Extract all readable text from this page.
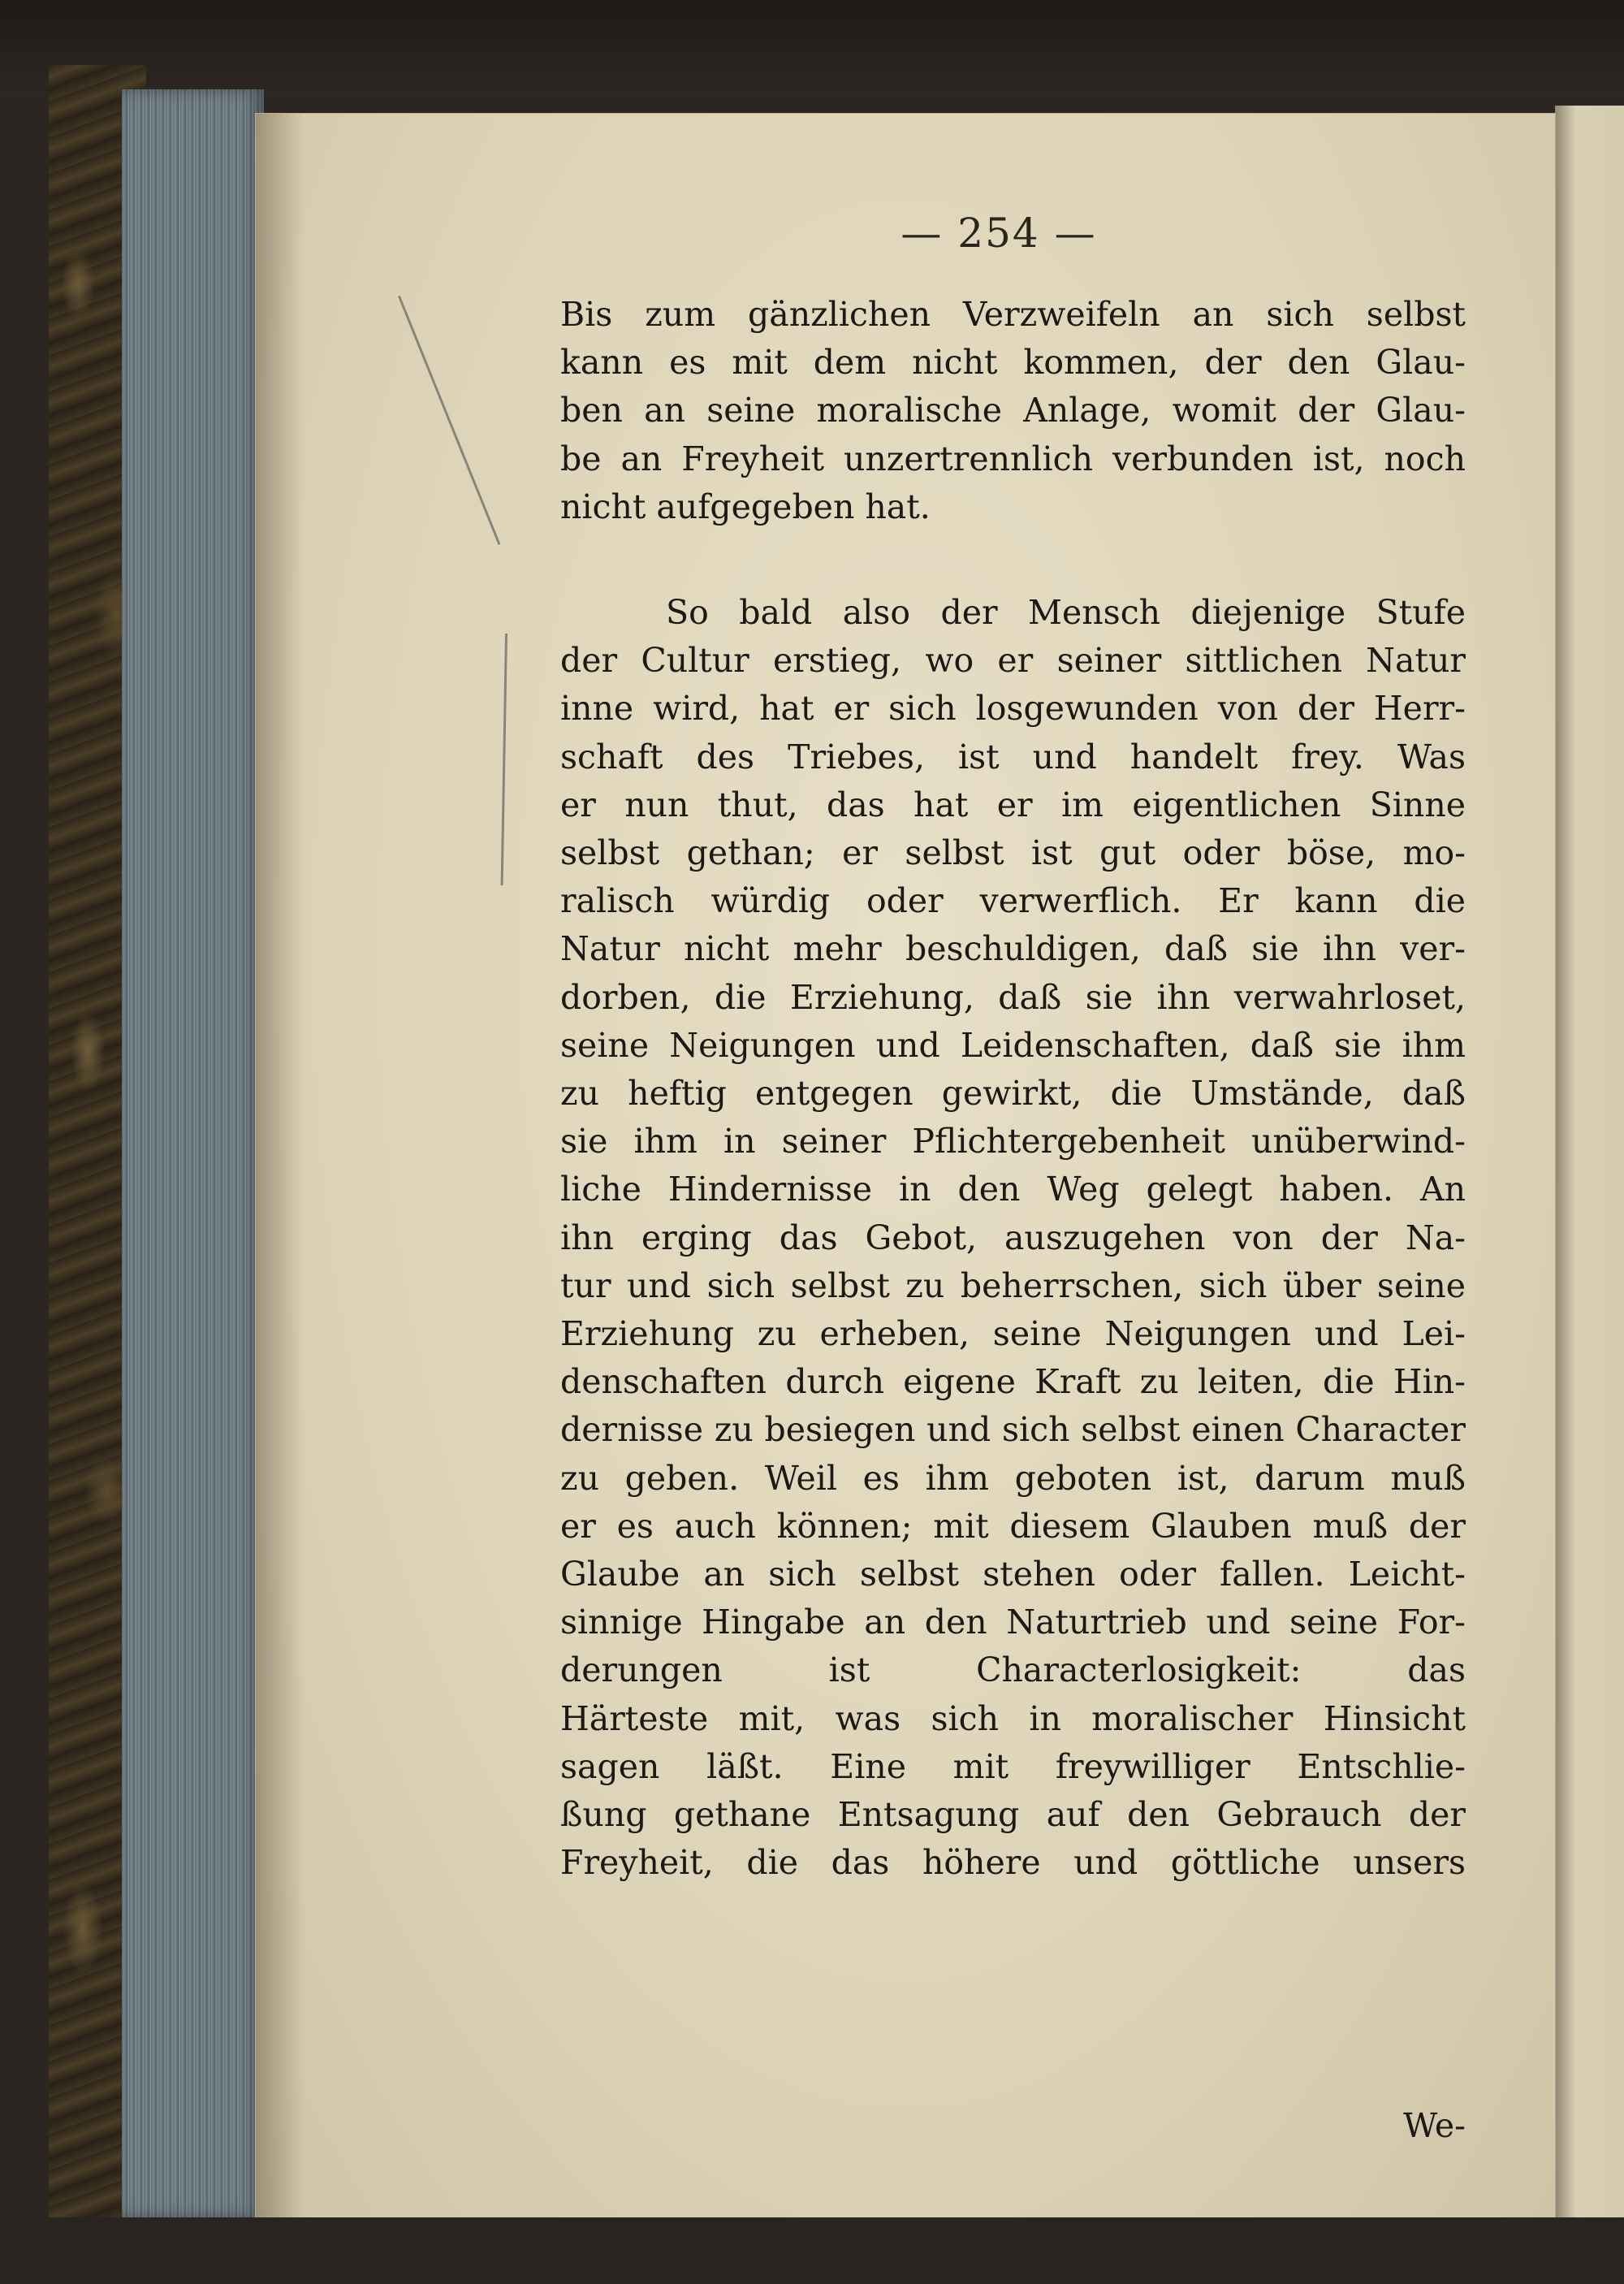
— 254 —
Bis zum gänzlichen Verzweifeln an sich selbst
kann es mit dem nicht kommen, der den Glau-
ben an seine moralische Anlage, womit der Glau-
be an Freyheit unzertrennlich verbunden ist, noch
nicht aufgegeben hat.
So bald also der Mensch diejenige Stufe
der Cultur erstieg, wo er seiner sittlichen Natur
inne wird, hat er sich losgewunden von der Herr-
schaft des Triebes, ist und handelt frey. Was
er nun thut, das hat er im eigentlichen Sinne
selbst gethan; er selbst ist gut oder böse, mo-
ralisch würdig oder verwerflich. Er kann die
Natur nicht mehr beschuldigen, daß sie ihn ver-
dorben, die Erziehung, daß sie ihn verwahrloset,
seine Neigungen und Leidenschaften, daß sie ihm
zu heftig entgegen gewirkt, die Umstände, daß
sie ihm in seiner Pflichtergebenheit unüberwind-
liche Hindernisse in den Weg gelegt haben. An
ihn erging das Gebot, auszugehen von der Na-
tur und sich selbst zu beherrschen, sich über seine
Erziehung zu erheben, seine Neigungen und Lei-
denschaften durch eigene Kraft zu leiten, die Hin-
dernisse zu besiegen und sich selbst einen Character
zu geben. Weil es ihm geboten ist, darum muß
er es auch können; mit diesem Glauben muß der
Glaube an sich selbst stehen oder fallen. Leicht-
sinnige Hingabe an den Naturtrieb und seine For-
derungen ist Characterlosigkeit: das
Härteste mit, was sich in moralischer Hinsicht
sagen läßt. Eine mit freywilliger Entschlie-
ßung gethane Entsagung auf den Gebrauch der
Freyheit, die das höhere und göttliche unsers
We-
